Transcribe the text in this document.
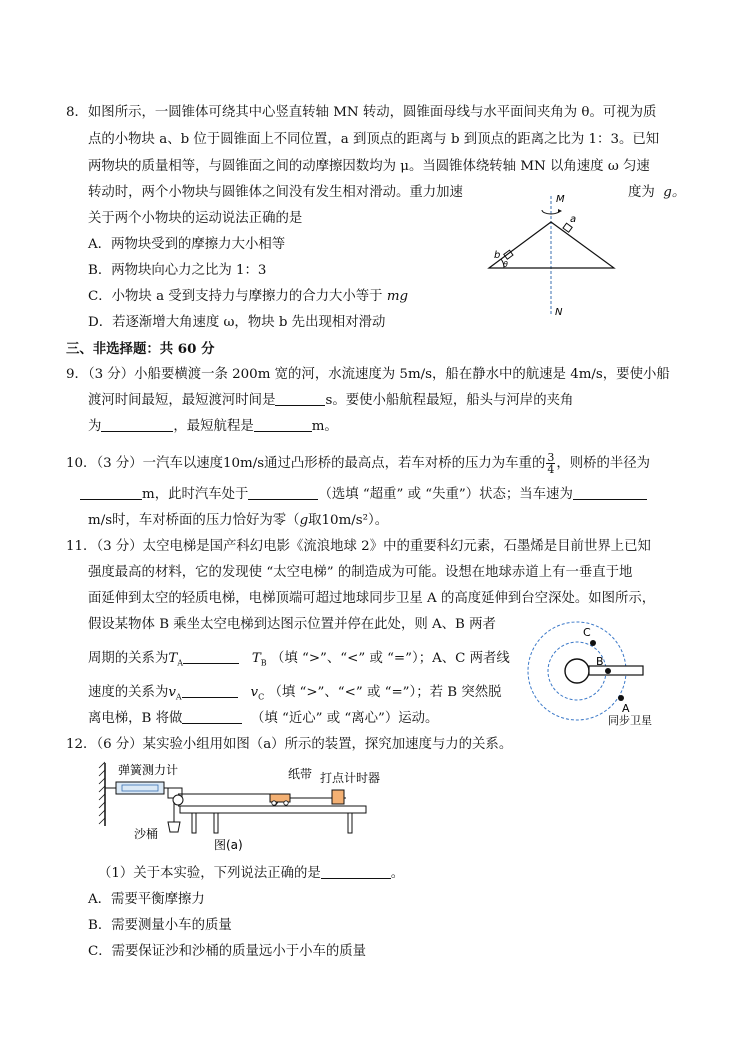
8．如图所示，一圆锥体可绕其中心竖直转轴 MN 转动，圆锥面母线与水平面间夹角为 θ。可视为质
点的小物块 a、b 位于圆锥面上不同位置，a 到顶点的距离与 b 到顶点的距离之比为 1：3。已知
两物块的质量相等，与圆锥面之间的动摩擦因数均为 μ。当圆锥体绕转轴 MN 以角速度 ω 匀速
转动时，两个小物块与圆锥体之间没有发生相对滑动。重力加速	度为 g。
关于两个小物块的运动说法正确的是
A．两物块受到的摩擦力大小相等
B．两物块向心力之比为 1：3
C．小物块 a 受到支持力与摩擦力的合力大小等于 mg
D．若逐渐增大角速度 ω，物块 b 先出现相对滑动
M
a
b
θ
N
三、非选择题：共 60 分
9．（3 分）小船要横渡一条 200m 宽的河，水流速度为 5m/s，船在静水中的航速是 4m/s，要使小船
渡河时间最短，最短渡河时间是	s。要使小船航程最短，船头与河岸的夹角
为	，最短航程是	m。
10．（3 分）一汽车以速度10m/s通过凸形桥的最高点，若车对桥的压力为车重的 $\frac{3}{4}$ ，则桥的半径为
m，此时汽车处于	（选填 “超重” 或 “失重”）状态；当车速为
m/s时，车对桥面的压力恰好为零（g取10m/s²）。
11．（3 分）太空电梯是国产科幻电影《流浪地球 2》中的重要科幻元素，石墨烯是目前世界上已知
强度最高的材料，它的发现使 “太空电梯” 的制造成为可能。设想在地球赤道上有一垂直于地
面延伸到太空的轻质电梯，电梯顶端可超过地球同步卫星 A 的高度延伸到台空深处。如图所示，
假设某物体 B 乘坐太空电梯到达图示位置并停在此处，则 A、B 两者
周期的关系为$T_A$	$T_B$ （填 “>”、“<” 或 “=”）；A、C 两者线
速度的关系为$v_A$	$v_C$ （填 “>”、“<” 或 “=”）；若 B 突然脱
离电梯，B 将做	（填 “近心” 或 “离心”）运动。
C
B
A
同步卫星
12．（6 分）某实验小组用如图（a）所示的装置，探究加速度与力的关系。
弹簧测力计	纸带 打点计时器
沙桶
图(a)
（1）关于本实验，下列说法正确的是	。
A．需要平衡摩擦力
B．需要测量小车的质量
C．需要保证沙和沙桶的质量远小于小车的质量
